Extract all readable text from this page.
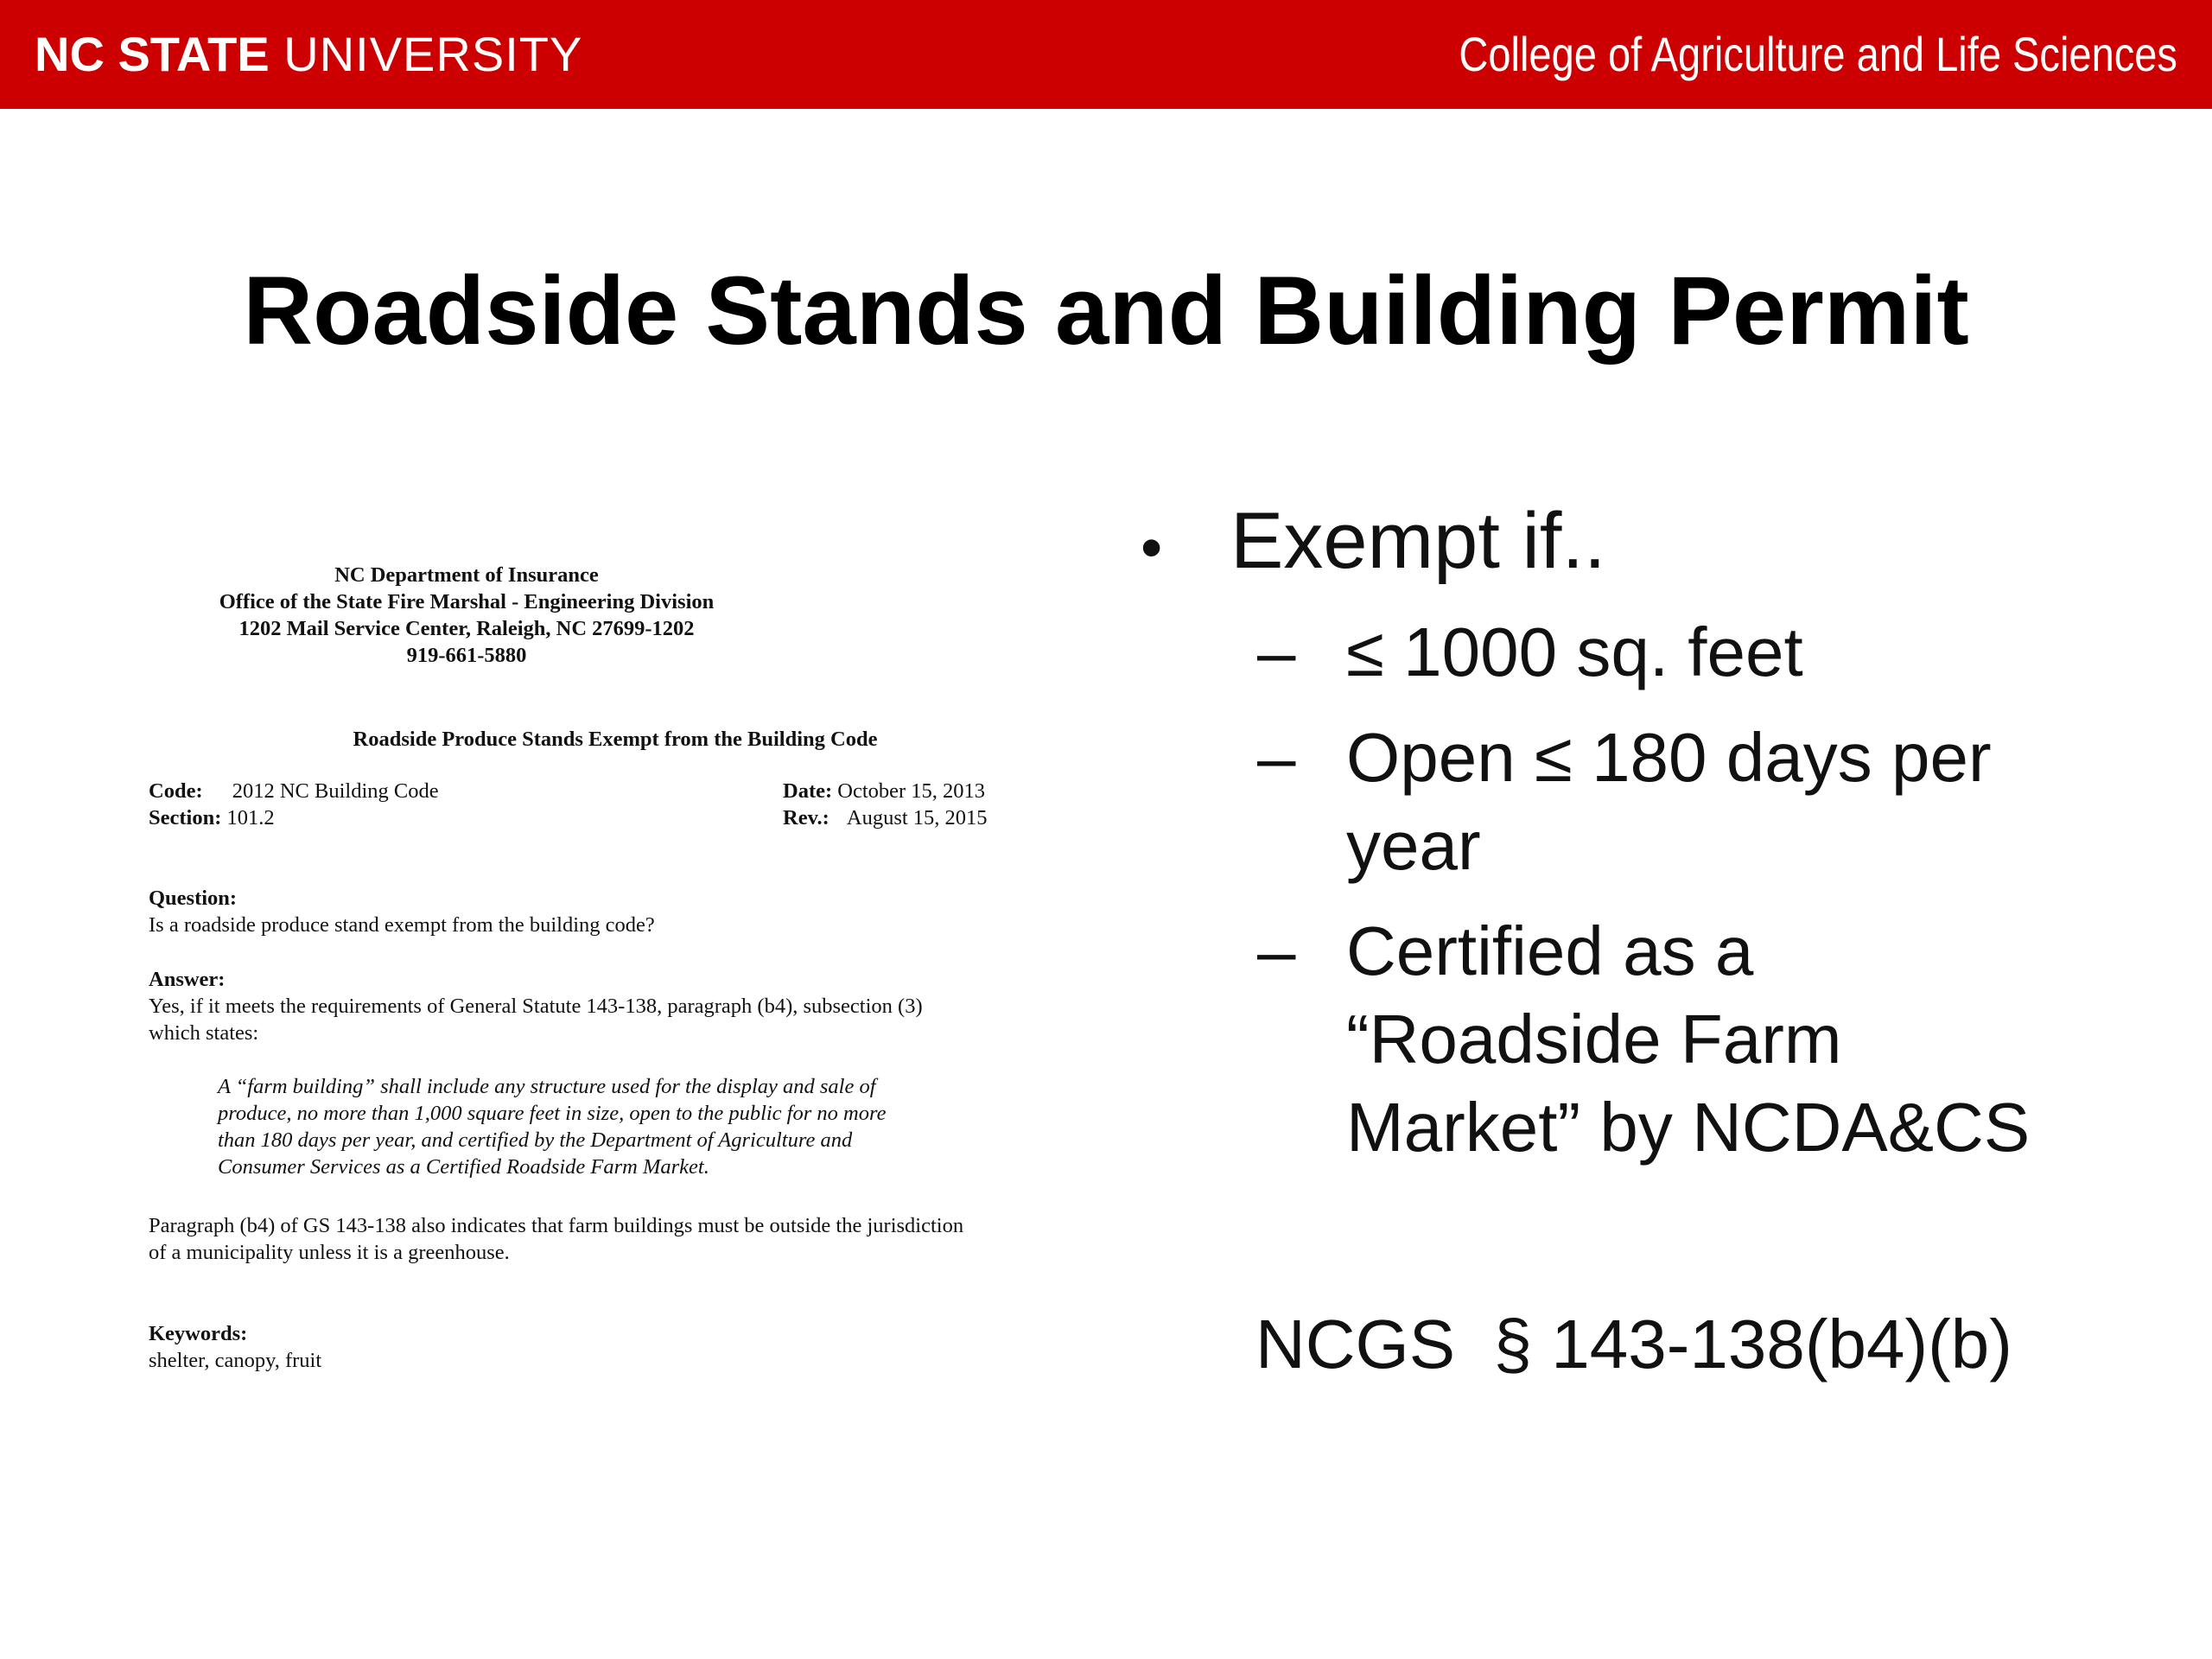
NC STATE UNIVERSITY	College of Agriculture and Life Sciences
Roadside Stands and Building Permit
NC Department of Insurance
Office of the State Fire Marshal - Engineering Division
1202 Mail Service Center, Raleigh, NC 27699-1202
919-661-5880
Roadside Produce Stands Exempt from the Building Code
Code: 2012 NC Building Code	Date: October 15, 2013
Section: 101.2	Rev.: August 15, 2015
Question:
Is a roadside produce stand exempt from the building code?
Answer:
Yes, if it meets the requirements of General Statute 143-138, paragraph (b4), subsection (3)
which states:
A “farm building” shall include any structure used for the display and sale of
produce, no more than 1,000 square feet in size, open to the public for no more
than 180 days per year, and certified by the Department of Agriculture and
Consumer Services as a Certified Roadside Farm Market.
Paragraph (b4) of GS 143-138 also indicates that farm buildings must be outside the jurisdiction
of a municipality unless it is a greenhouse.
Keywords:
shelter, canopy, fruit
• Exempt if..
– ≤ 1000 sq. feet
– Open ≤ 180 days per
year
– Certified as a
“Roadside Farm
Market” by NCDA&CS
NCGS  § 143-138(b4)(b)
